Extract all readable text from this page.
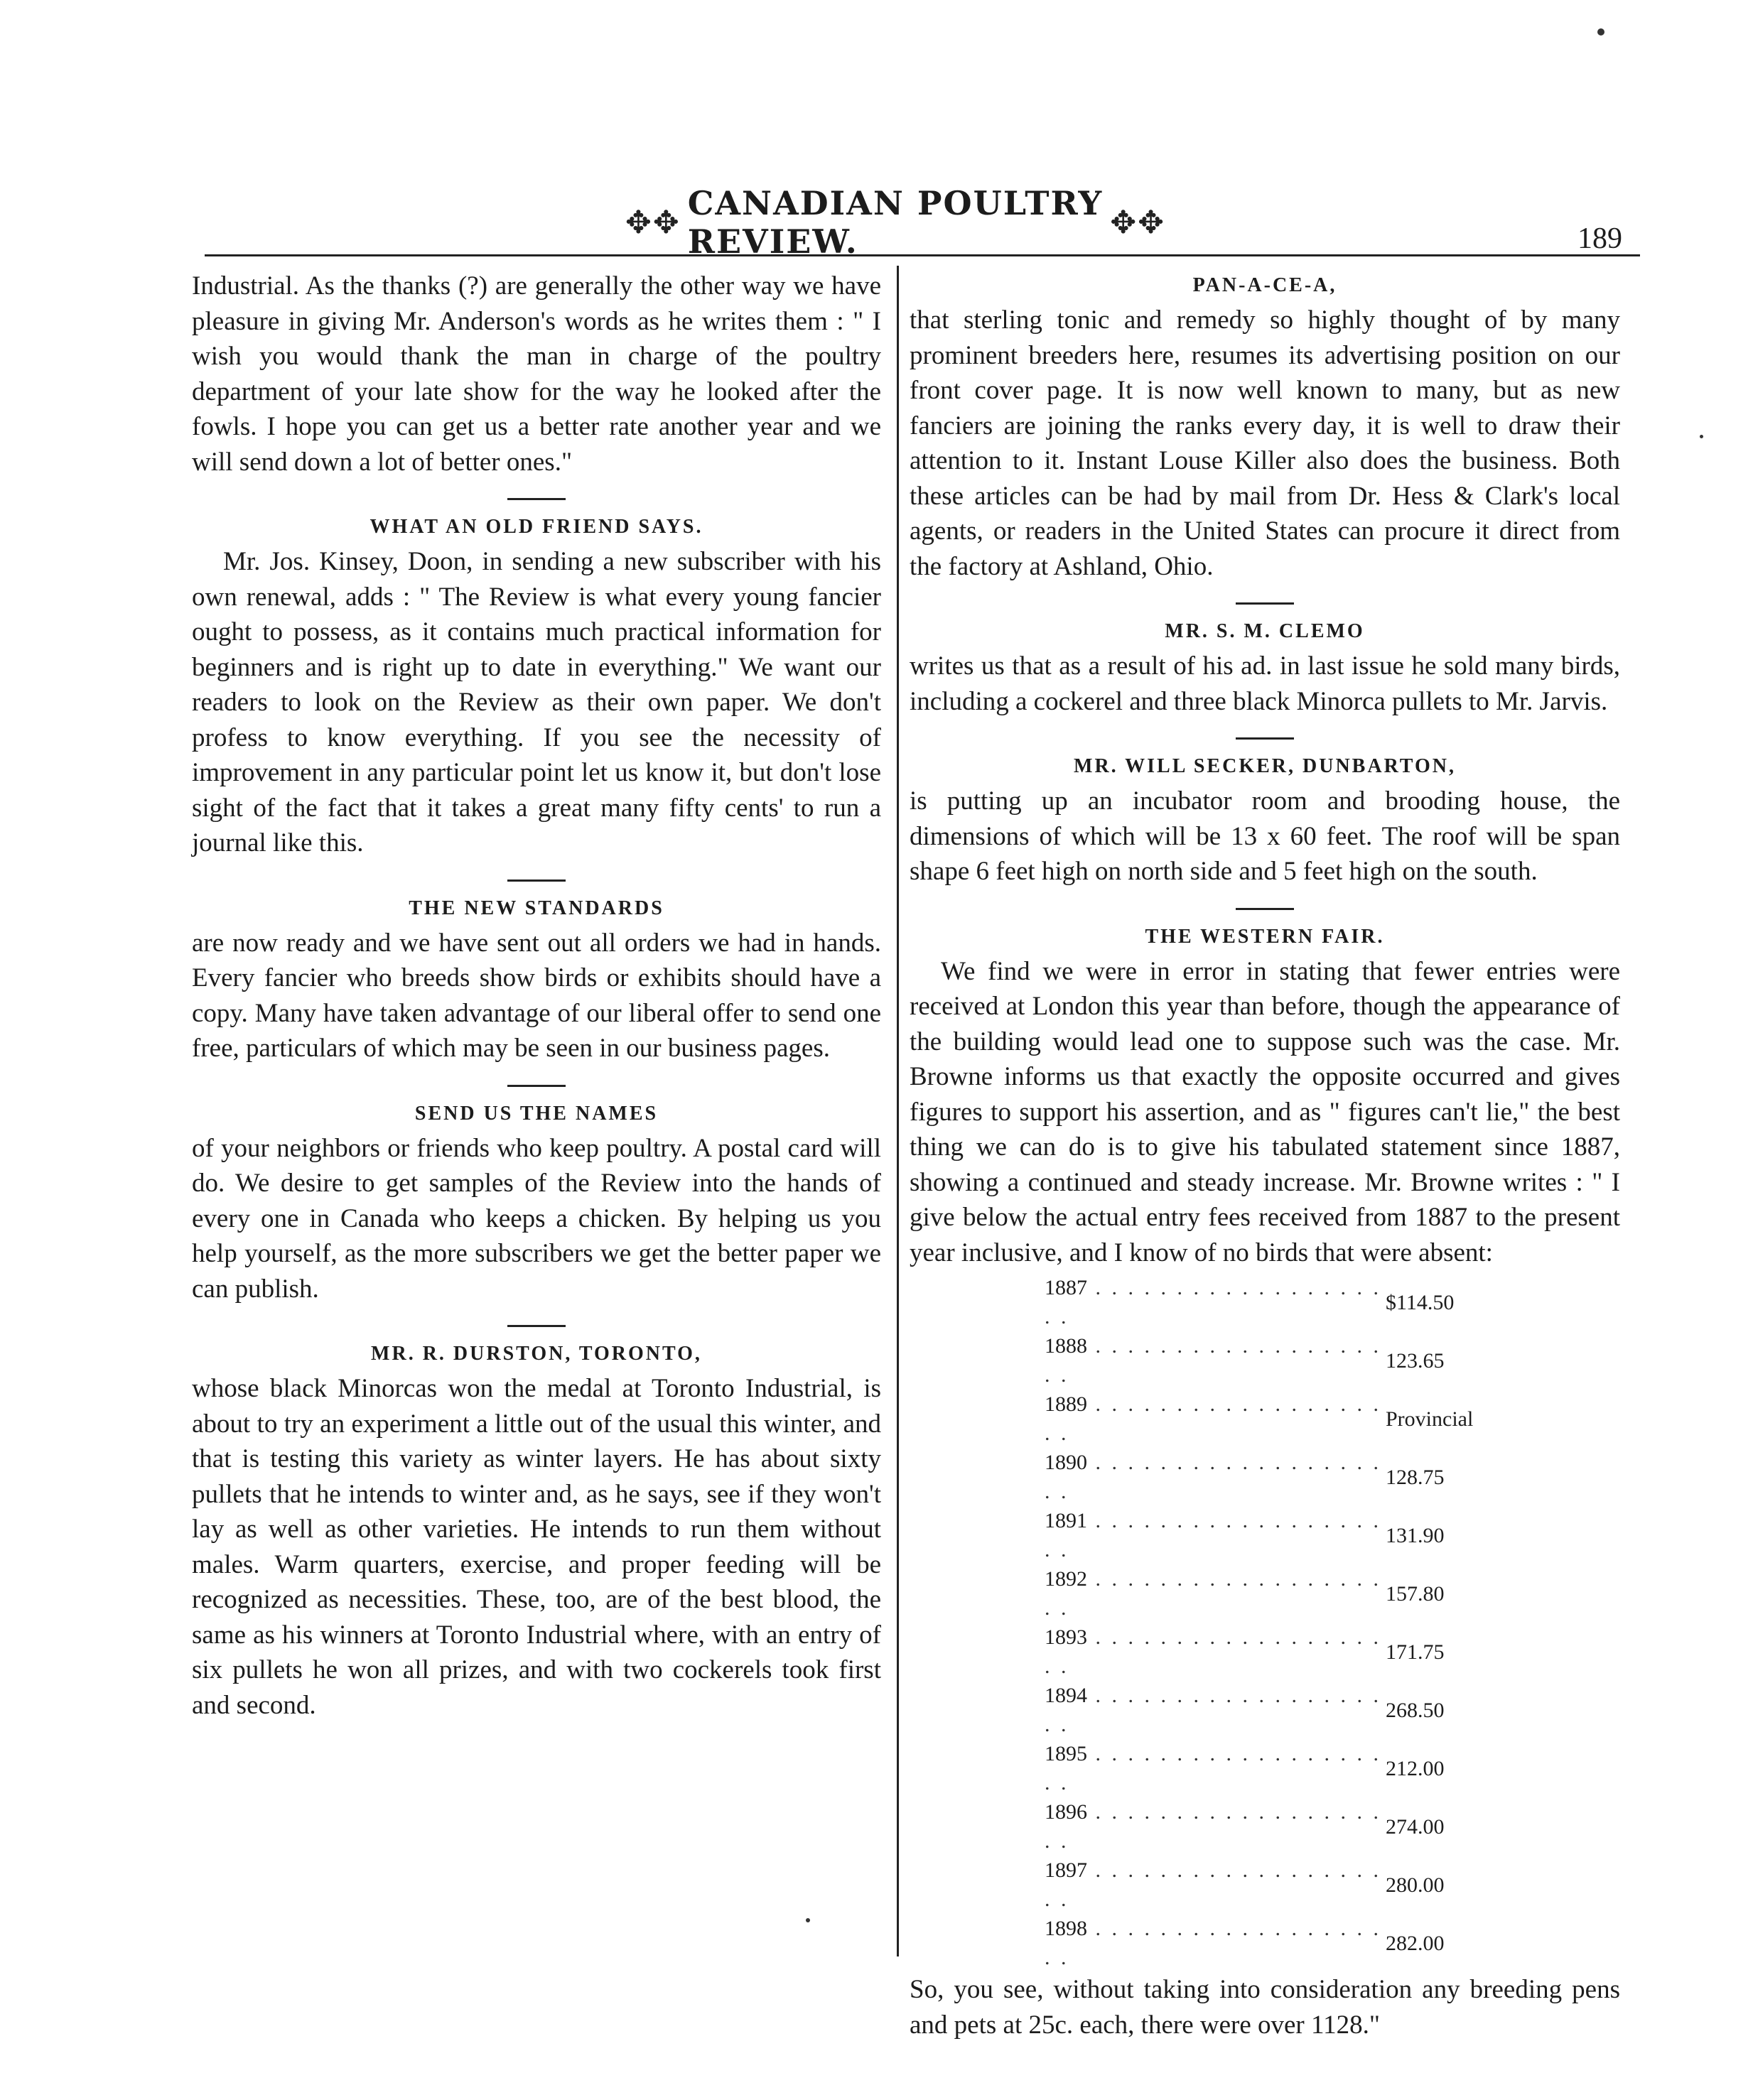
✥✥ CANADIAN POULTRY REVIEW.	✥✥	189

Industrial. As the thanks (?) are generally the other way we have pleasure in giving Mr. Anderson's words as he writes them : " I wish you would thank the man in charge of the poultry department of your late show for the way he looked after the fowls. I hope you can get us a better rate another year and we will send down a lot of better ones."

WHAT AN OLD FRIEND SAYS.

Mr. Jos. Kinsey, Doon, in sending a new subscriber with his own renewal, adds : " The Review is what every young fancier ought to possess, as it contains much practical information for beginners and is right up to date in everything." We want our readers to look on the Review as their own paper. We don't profess to know everything. If you see the necessity of improvement in any particular point let us know it, but don't lose sight of the fact that it takes a great many fifty cents' to run a journal like this.

THE NEW STANDARDS

are now ready and we have sent out all orders we had in hands. Every fancier who breeds show birds or exhibits should have a copy. Many have taken advantage of our liberal offer to send one free, particulars of which may be seen in our business pages.

SEND US THE NAMES

of your neighbors or friends who keep poultry. A postal card will do. We desire to get samples of the Review into the hands of every one in Canada who keeps a chicken. By helping us you help yourself, as the more subscribers we get the better paper we can publish.

MR. R. DURSTON, TORONTO,

whose black Minorcas won the medal at Toronto Industrial, is about to try an experiment a little out of the usual this winter, and that is testing this variety as winter layers. He has about sixty pullets that he intends to winter and, as he says, see if they won't lay as well as other varieties. He intends to run them without males. Warm quarters, exercise, and proper feeding will be recognized as necessities. These, too, are of the best blood, the same as his winners at Toronto Industrial where, with an entry of six pullets he won all prizes, and with two cockerels took first and second.

PAN-A-CE-A,

that sterling tonic and remedy so highly thought of by many prominent breeders here, resumes its advertising position on our front cover page. It is now well known to many, but as new fanciers are joining the ranks every day, it is well to draw their attention to it. Instant Louse Killer also does the business. Both these articles can be had by mail from Dr. Hess & Clark's local agents, or readers in the United States can procure it direct from the factory at Ashland, Ohio.

MR. S. M. CLEMO

writes us that as a result of his ad. in last issue he sold many birds, including a cockerel and three black Minorca pullets to Mr. Jarvis.

MR. WILL SECKER, DUNBARTON,

is putting up an incubator room and brooding house, the dimensions of which will be 13 x 60 feet. The roof will be span shape 6 feet high on north side and 5 feet high on the south.

THE WESTERN FAIR.

We find we were in error in stating that fewer entries were received at London this year than before, though the appearance of the building would lead one to suppose such was the case. Mr. Browne informs us that exactly the opposite occurred and gives figures to support his assertion, and as " figures can't lie," the best thing we can do is to give his tabulated statement since 1887, showing a continued and steady increase. Mr. Browne writes : " I give below the actual entry fees received from 1887 to the present year inclusive, and I know of no birds that were absent:

1887 . . . . . . . . . . . . . . . . . . . .	$114.50
1888 . . . . . . . . . . . . . . . . . . . .	123.65
1889 . . . . . . . . . . . . . . . . . . . .	Provincial
1890 . . . . . . . . . . . . . . . . . . . .	128.75
1891 . . . . . . . . . . . . . . . . . . . .	131.90
1892 . . . . . . . . . . . . . . . . . . . .	157.80
1893 . . . . . . . . . . . . . . . . . . . .	171.75
1894 . . . . . . . . . . . . . . . . . . . .	268.50
1895 . . . . . . . . . . . . . . . . . . . .	212.00
1896 . . . . . . . . . . . . . . . . . . . .	274.00
1897 . . . . . . . . . . . . . . . . . . . .	280.00
1898 . . . . . . . . . . . . . . . . . . . .	282.00

So, you see, without taking into consideration any breeding pens and pets at 25c. each, there were over 1128."
